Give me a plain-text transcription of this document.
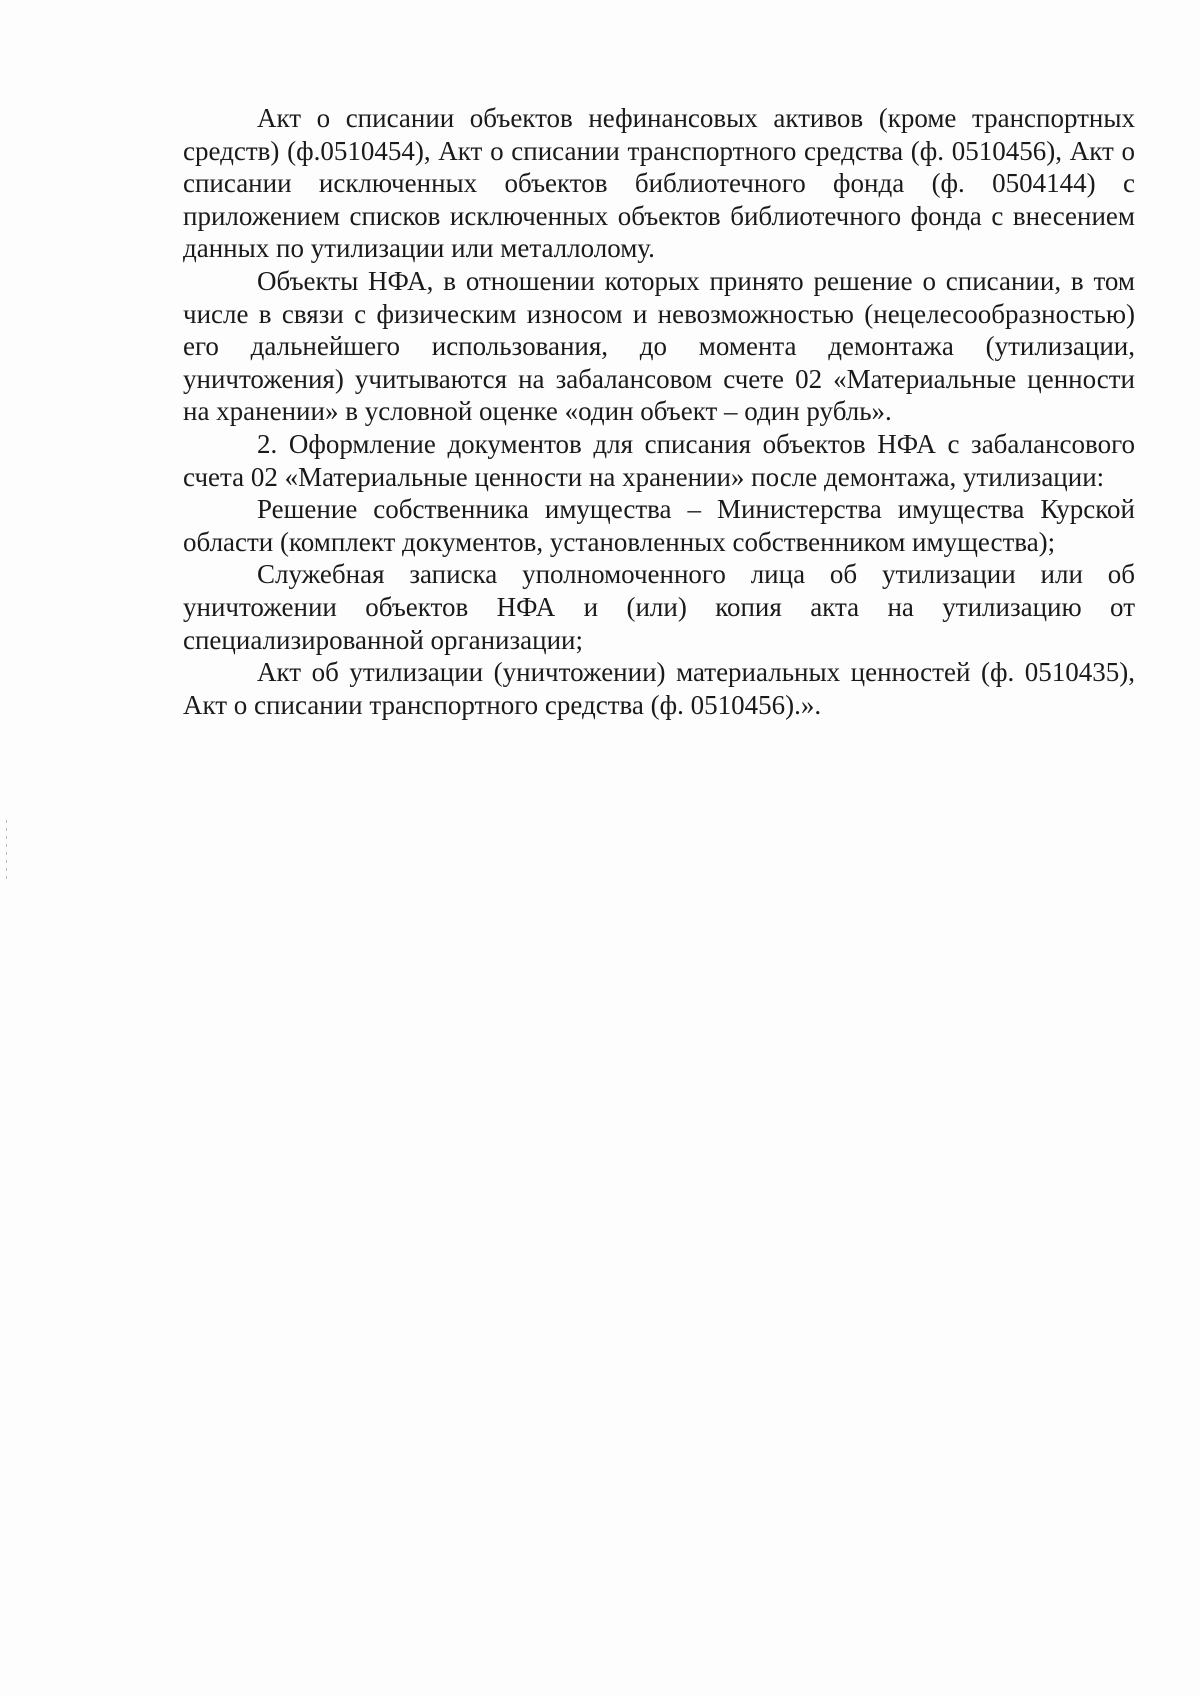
Акт о списании объектов нефинансовых активов (кроме транспортных средств) (ф.0510454), Акт о списании транспортного средства (ф. 0510456), Акт о списании исключенных объектов библиотечного фонда (ф. 0504144) с приложением списков исключенных объектов библиотечного фонда с внесением данных по утилизации или металлолому.

Объекты НФА, в отношении которых принято решение о списании, в том числе в связи с физическим износом и невозможностью (нецелесообразностью) его дальнейшего использования, до момента демонтажа (утилизации, уничтожения) учитываются на забалансовом счете 02 «Материальные ценности на хранении» в условной оценке «один объект – один рубль».

2. Оформление документов для списания объектов НФА с забалансового счета 02 «Материальные ценности на хранении» после демонтажа, утилизации:

Решение собственника имущества – Министерства имущества Курской области (комплект документов, установленных собственником имущества);

Служебная записка уполномоченного лица об утилизации или об уничтожении объектов НФА и (или) копия акта на утилизацию от специализированной организации;

Акт об утилизации (уничтожении) материальных ценностей (ф. 0510435), Акт о списании транспортного средства (ф. 0510456).».
